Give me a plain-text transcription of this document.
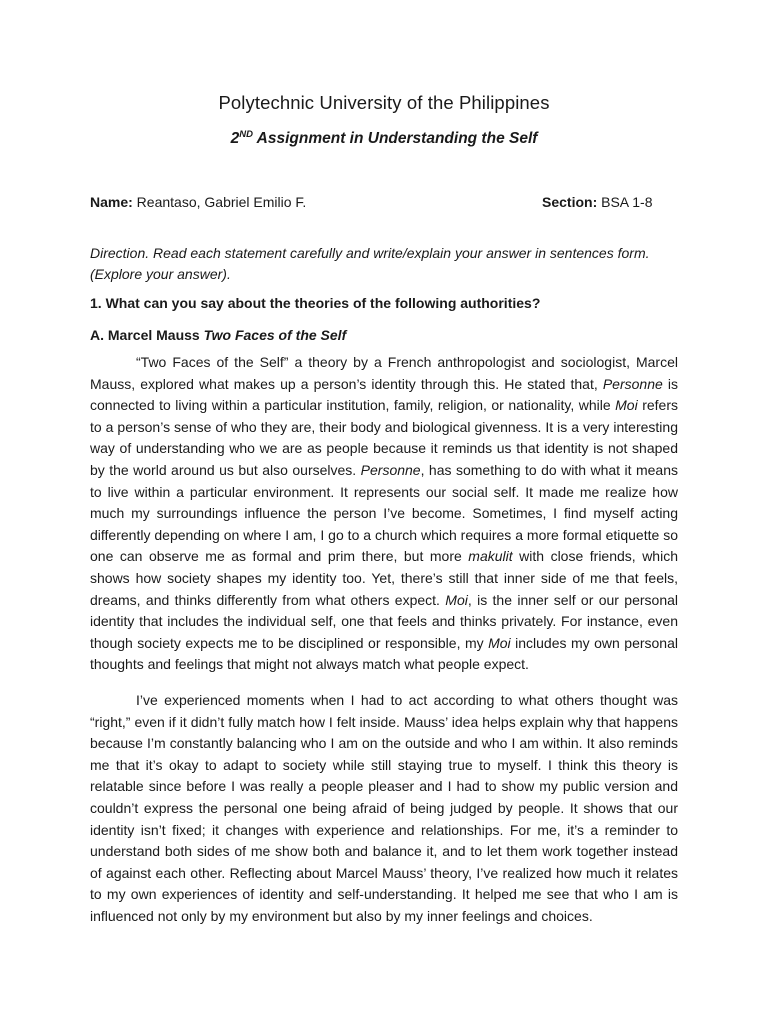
Polytechnic University of the Philippines
2ND Assignment in Understanding the Self
Name: Reantaso, Gabriel Emilio F.	Section: BSA 1-8
Direction. Read each statement carefully and write/explain your answer in sentences form. (Explore your answer).
1. What can you say about the theories of the following authorities?
A. Marcel Mauss Two Faces of the Self

“Two Faces of the Self” a theory by a French anthropologist and sociologist, Marcel Mauss, explored what makes up a person’s identity through this. He stated that, Personne is connected to living within a particular institution, family, religion, or nationality, while Moi refers to a person’s sense of who they are, their body and biological givenness. It is a very interesting way of understanding who we are as people because it reminds us that identity is not shaped by the world around us but also ourselves. Personne, has something to do with what it means to live within a particular environment. It represents our social self. It made me realize how much my surroundings influence the person I’ve become. Sometimes, I find myself acting differently depending on where I am, I go to a church which requires a more formal etiquette so one can observe me as formal and prim there, but more makulit with close friends, which shows how society shapes my identity too. Yet, there’s still that inner side of me that feels, dreams, and thinks differently from what others expect. Moi, is the inner self or our personal identity that includes the individual self, one that feels and thinks privately. For instance, even though society expects me to be disciplined or responsible, my Moi includes my own personal thoughts and feelings that might not always match what people expect.

I’ve experienced moments when I had to act according to what others thought was “right,” even if it didn’t fully match how I felt inside. Mauss’ idea helps explain why that happens because I’m constantly balancing who I am on the outside and who I am within. It also reminds me that it’s okay to adapt to society while still staying true to myself. I think this theory is relatable since before I was really a people pleaser and I had to show my public version and couldn’t express the personal one being afraid of being judged by people. It shows that our identity isn’t fixed; it changes with experience and relationships. For me, it’s a reminder to understand both sides of me show both and balance it, and to let them work together instead of against each other. Reflecting about Marcel Mauss’ theory, I’ve realized how much it relates to my own experiences of identity and self-understanding. It helped me see that who I am is influenced not only by my environment but also by my inner feelings and choices.
